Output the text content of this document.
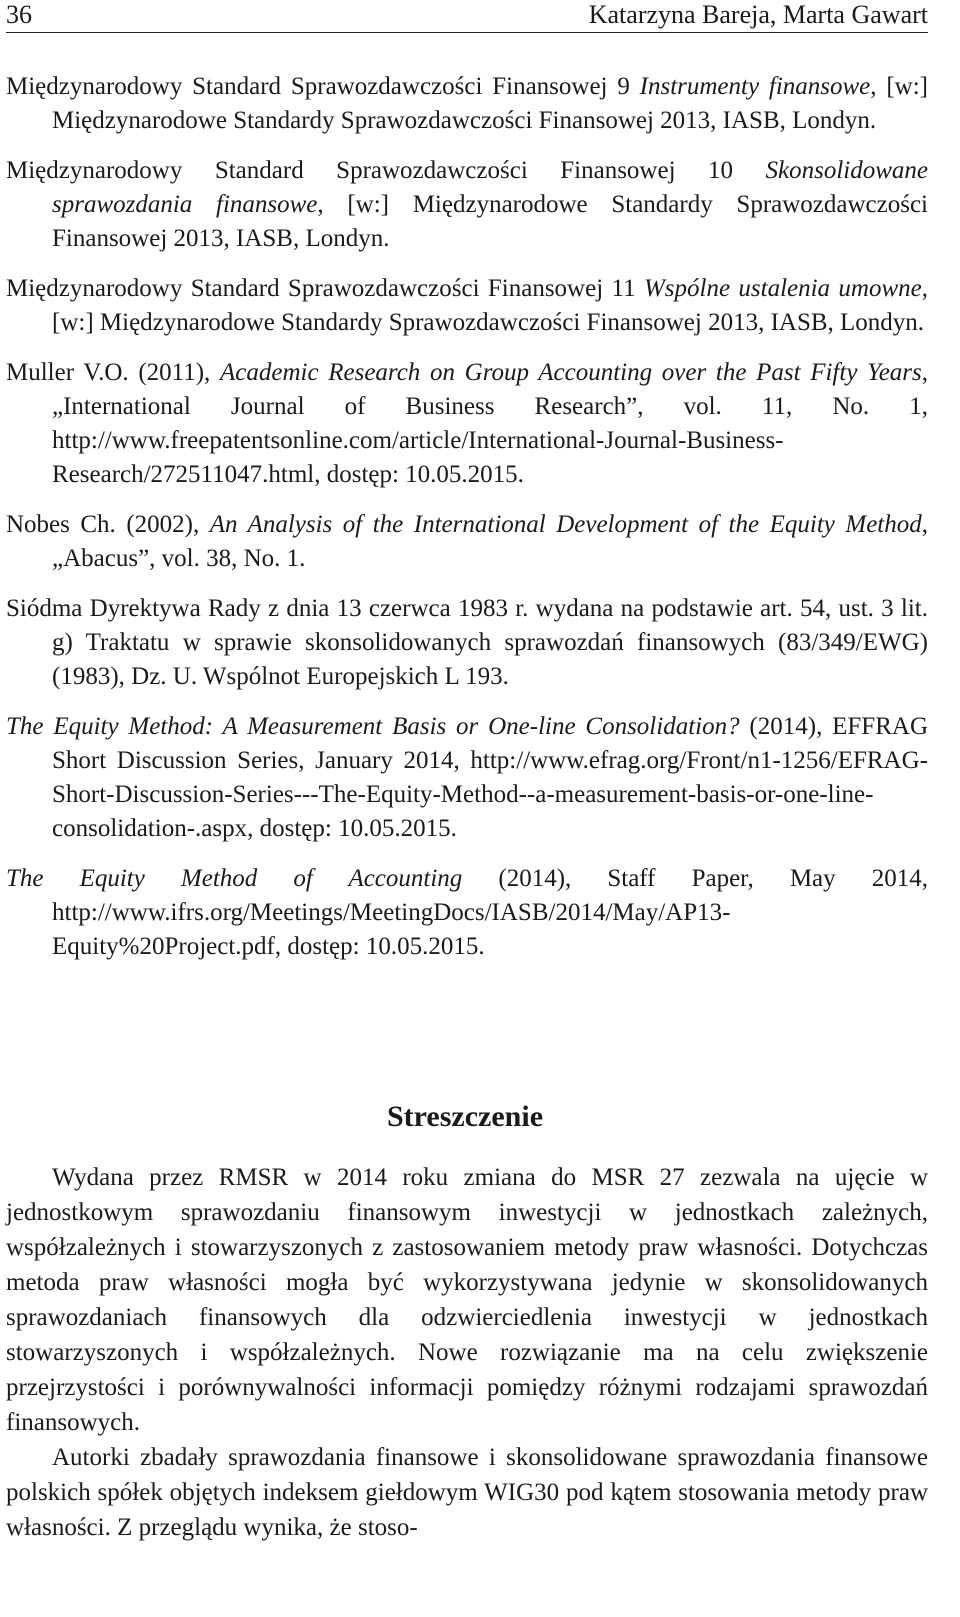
36	Katarzyna Bareja, Marta Gawart

Międzynarodowy Standard Sprawozdawczości Finansowej 9 Instrumenty finansowe, [w:] Międzynarodowe Standardy Sprawozdawczości Finansowej 2013, IASB, Londyn.

Międzynarodowy Standard Sprawozdawczości Finansowej 10 Skonsolidowane sprawozdania finansowe, [w:] Międzynarodowe Standardy Sprawozdawczości Finansowej 2013, IASB, Londyn.

Międzynarodowy Standard Sprawozdawczości Finansowej 11 Wspólne ustalenia umowne, [w:] Międzynarodowe Standardy Sprawozdawczości Finansowej 2013, IASB, Londyn.

Muller V.O. (2011), Academic Research on Group Accounting over the Past Fifty Years, „International Journal of Business Research”, vol. 11, No. 1, http://www.freepatentsonline.com/article/International-Journal-Business-Research/272511047.html, dostęp: 10.05.2015.

Nobes Ch. (2002), An Analysis of the International Development of the Equity Method, „Abacus”, vol. 38, No. 1.

Siódma Dyrektywa Rady z dnia 13 czerwca 1983 r. wydana na podstawie art. 54, ust. 3 lit. g) Traktatu w sprawie skonsolidowanych sprawozdań finansowych (83/349/EWG) (1983), Dz. U. Wspólnot Europejskich L 193.

The Equity Method: A Measurement Basis or One-line Consolidation? (2014), EFFRAG Short Discussion Series, January 2014, http://www.efrag.org/Front/n1-1256/EFRAG-Short-Discussion-Series---The-Equity-Method--a-measurement-basis-or-one-line-consolidation-.aspx, dostęp: 10.05.2015.

The Equity Method of Accounting (2014), Staff Paper, May 2014, http://www.ifrs.org/Meetings/MeetingDocs/IASB/2014/May/AP13-Equity%20Project.pdf, dostęp: 10.05.2015.

Streszczenie

Wydana przez RMSR w 2014 roku zmiana do MSR 27 zezwala na ujęcie w jednostkowym sprawozdaniu finansowym inwestycji w jednostkach zależnych, współzależnych i stowarzyszonych z zastosowaniem metody praw własności. Dotychczas metoda praw własności mogła być wykorzystywana jedynie w skonsolidowanych sprawozdaniach finansowych dla odzwierciedlenia inwestycji w jednostkach stowarzyszonych i współzależnych. Nowe rozwiązanie ma na celu zwiększenie przejrzystości i porównywalności informacji pomiędzy różnymi rodzajami sprawozdań finansowych.

Autorki zbadały sprawozdania finansowe i skonsolidowane sprawozdania finansowe polskich spółek objętych indeksem giełdowym WIG30 pod kątem stosowania metody praw własności. Z przeglądu wynika, że stoso-
